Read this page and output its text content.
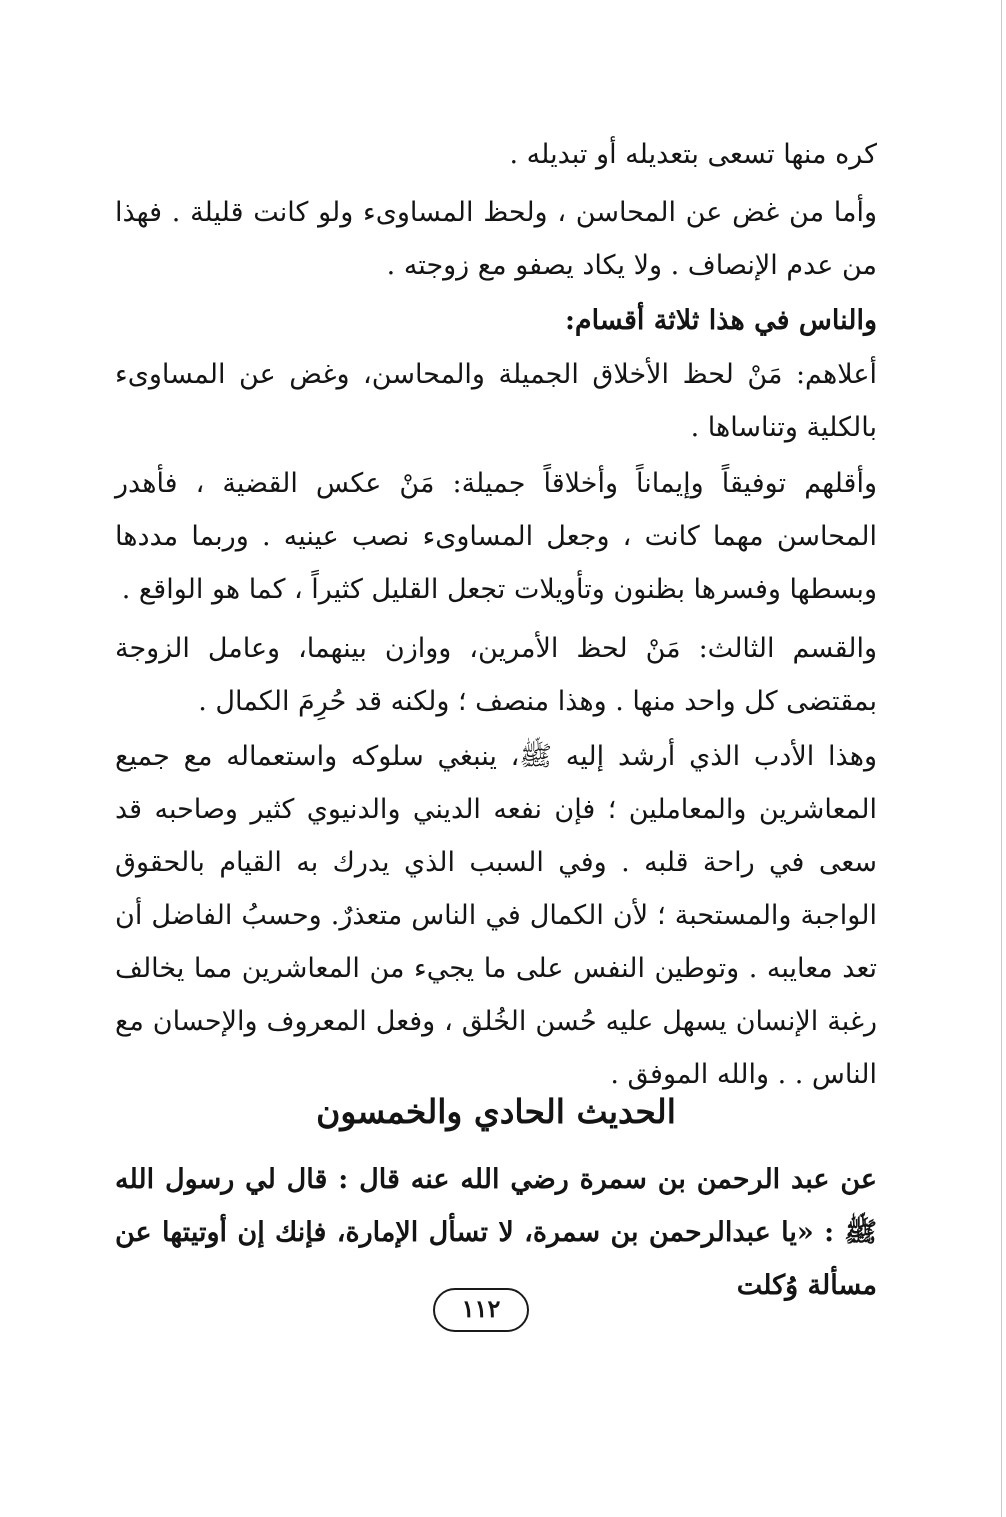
كره منها تسعى بتعديله أو تبديله .

وأما من غض عن المحاسن ، ولحظ المساوىء ولو كانت قليلة . فهذا من عدم الإنصاف . ولا يكاد يصفو مع زوجته .

والناس في هذا ثلاثة أقسام:

أعلاهم: مَنْ لحظ الأخلاق الجميلة والمحاسن، وغض عن المساوىء بالكلية وتناساها .

وأقلهم توفيقاً وإيماناً وأخلاقاً جميلة: مَنْ عكس القضية ، فأهدر المحاسن مهما كانت ، وجعل المساوىء نصب عينيه . وربما مددها وبسطها وفسرها بظنون وتأويلات تجعل القليل كثيراً ، كما هو الواقع .

والقسم الثالث: مَنْ لحظ الأمرين، ووازن بينهما، وعامل الزوجة بمقتضى كل واحد منها . وهذا منصف ؛ ولكنه قد حُرِمَ الكمال .

وهذا الأدب الذي أرشد إليه ﷺ، ينبغي سلوكه واستعماله مع جميع المعاشرين والمعاملين ؛ فإن نفعه الديني والدنيوي كثير وصاحبه قد سعى في راحة قلبه . وفي السبب الذي يدرك به القيام بالحقوق الواجبة والمستحبة ؛ لأن الكمال في الناس متعذرٌ. وحسبُ الفاضل أن تعد معايبه . وتوطين النفس على ما يجيء من المعاشرين مما يخالف رغبة الإنسان يسهل عليه حُسن الخُلق ، وفعل المعروف والإحسان مع الناس . . والله الموفق .

الحديث الحادي والخمسون

عن عبد الرحمن بن سمرة رضي الله عنه قال : قال لي رسول الله ﷺ : «يا عبدالرحمن بن سمرة، لا تسأل الإمارة، فإنك إن أوتيتها عن مسألة وُكلت

١١٢
